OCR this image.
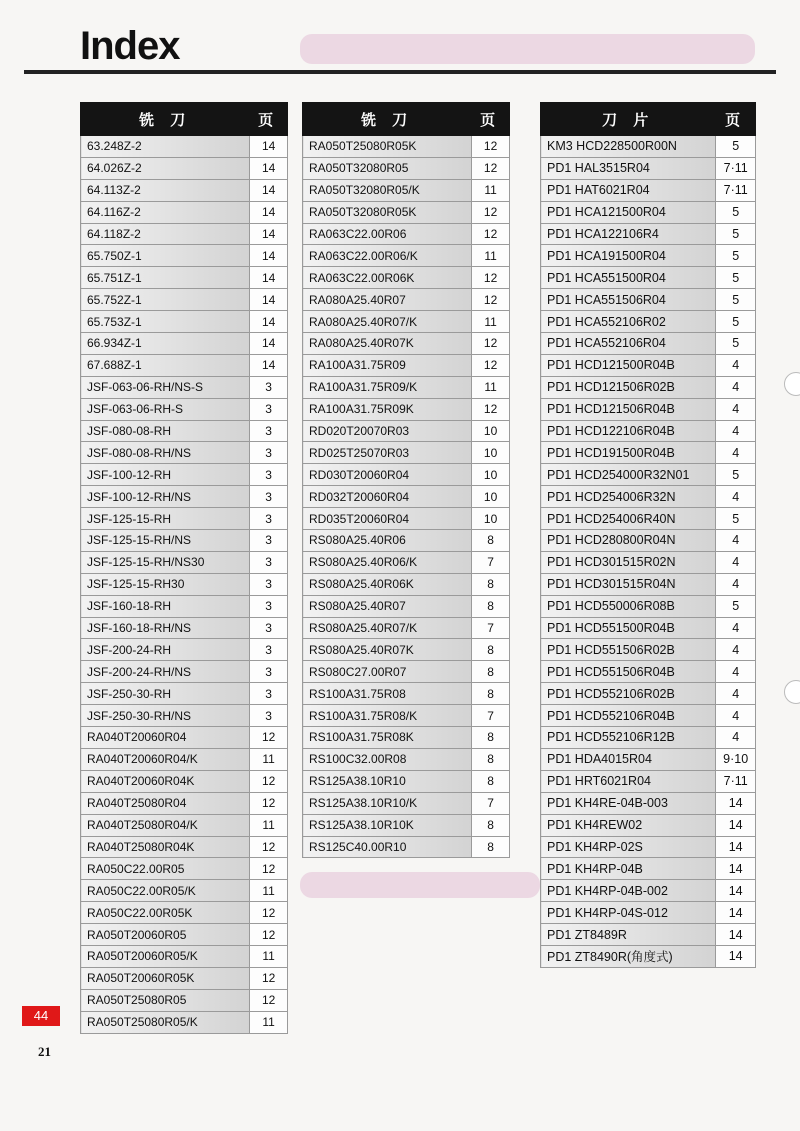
Index
铣 刀	页
63.248Z-2	14
64.026Z-2	14
64.113Z-2	14
64.116Z-2	14
64.118Z-2	14
65.750Z-1	14
65.751Z-1	14
65.752Z-1	14
65.753Z-1	14
66.934Z-1	14
67.688Z-1	14
JSF-063-06-RH/NS-S	3
JSF-063-06-RH-S	3
JSF-080-08-RH	3
JSF-080-08-RH/NS	3
JSF-100-12-RH	3
JSF-100-12-RH/NS	3
JSF-125-15-RH	3
JSF-125-15-RH/NS	3
JSF-125-15-RH/NS30	3
JSF-125-15-RH30	3
JSF-160-18-RH	3
JSF-160-18-RH/NS	3
JSF-200-24-RH	3
JSF-200-24-RH/NS	3
JSF-250-30-RH	3
JSF-250-30-RH/NS	3
RA040T20060R04	12
RA040T20060R04/K	11
RA040T20060R04K	12
RA040T25080R04	12
RA040T25080R04/K	11
RA040T25080R04K	12
RA050C22.00R05	12
RA050C22.00R05/K	11
RA050C22.00R05K	12
RA050T20060R05	12
RA050T20060R05/K	11
RA050T20060R05K	12
RA050T25080R05	12
RA050T25080R05/K	11
铣 刀	页
RA050T25080R05K	12
RA050T32080R05	12
RA050T32080R05/K	11
RA050T32080R05K	12
RA063C22.00R06	12
RA063C22.00R06/K	11
RA063C22.00R06K	12
RA080A25.40R07	12
RA080A25.40R07/K	11
RA080A25.40R07K	12
RA100A31.75R09	12
RA100A31.75R09/K	11
RA100A31.75R09K	12
RD020T20070R03	10
RD025T25070R03	10
RD030T20060R04	10
RD032T20060R04	10
RD035T20060R04	10
RS080A25.40R06	8
RS080A25.40R06/K	7
RS080A25.40R06K	8
RS080A25.40R07	8
RS080A25.40R07/K	7
RS080A25.40R07K	8
RS080C27.00R07	8
RS100A31.75R08	8
RS100A31.75R08/K	7
RS100A31.75R08K	8
RS100C32.00R08	8
RS125A38.10R10	8
RS125A38.10R10/K	7
RS125A38.10R10K	8
RS125C40.00R10	8
刀 片	页
KM3 HCD228500R00N	5
PD1 HAL3515R04	7·11
PD1 HAT6021R04	7·11
PD1 HCA121500R04	5
PD1 HCA122106R4	5
PD1 HCA191500R04	5
PD1 HCA551500R04	5
PD1 HCA551506R04	5
PD1 HCA552106R02	5
PD1 HCA552106R04	5
PD1 HCD121500R04B	4
PD1 HCD121506R02B	4
PD1 HCD121506R04B	4
PD1 HCD122106R04B	4
PD1 HCD191500R04B	4
PD1 HCD254000R32N01	5
PD1 HCD254006R32N	4
PD1 HCD254006R40N	5
PD1 HCD280800R04N	4
PD1 HCD301515R02N	4
PD1 HCD301515R04N	4
PD1 HCD550006R08B	5
PD1 HCD551500R04B	4
PD1 HCD551506R02B	4
PD1 HCD551506R04B	4
PD1 HCD552106R02B	4
PD1 HCD552106R04B	4
PD1 HCD552106R12B	4
PD1 HDA4015R04	9·10
PD1 HRT6021R04	7·11
PD1 KH4RE-04B-003	14
PD1 KH4REW02	14
PD1 KH4RP-02S	14
PD1 KH4RP-04B	14
PD1 KH4RP-04B-002	14
PD1 KH4RP-04S-012	14
PD1 ZT8489R	14
PD1 ZT8490R(角度式)	14
44
21
